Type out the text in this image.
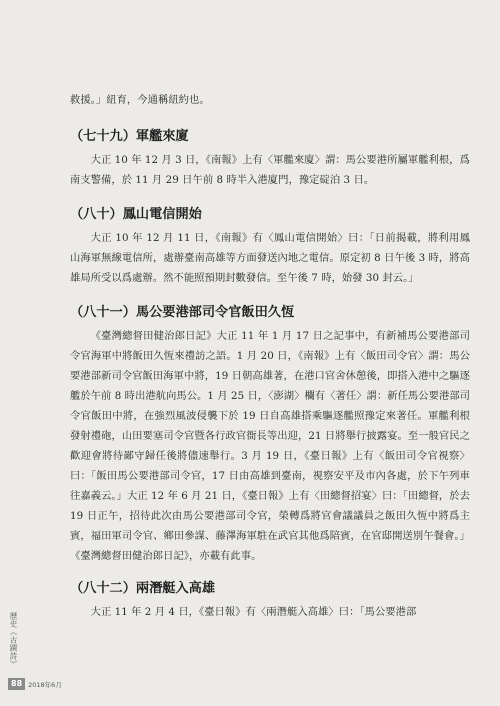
救援。」紐育，今通稱紐約也。

（七十九）軍艦來廈

大正 10 年 12 月 3 日，《南報》上有〈軍艦來廈〉謂：馬公要港所屬軍艦利根，爲南支警備，於 11 月 29 日午前 8 時半入港廈門，豫定碇泊 3 日。

（八十）鳳山電信開始

大正 10 年 12 月 11 日，《南報》有〈鳳山電信開始〉曰：「日前揭載，將利用鳳山海軍無線電信所，處辦臺南高雄等方面發送內地之電信。原定初 8 日午後 3 時，將高雄局所受以爲處辦。然不能照預期封數發信。至午後 7 時，始發 30 封云。」

（八十一）馬公要港部司令官飯田久恆

《臺灣總督田健治郎日記》大正 11 年 1 月 17 日之記事中，有新補馬公要港部司令官海軍中將飯田久恆來禮訪之語。1 月 20 日，《南報》上有〈飯田司令官〉謂：馬公要港部新司令官飯田海軍中將，19 日朝高雄著，在港口官舍休憩後，即搭入港中之驅逐艦於午前 8 時出港航向馬公。1 月 25 日，〈澎湖〉欄有〈著任〉謂：新任馬公要港部司令官飯田中將，在強烈風波侵襲下於 19 日自高雄搭乘驅逐艦照豫定來著任。軍艦利根發射禮砲，山田要塞司令官暨各行政官衙長等出迎，21 日將舉行披露宴。至一般官民之歡迎會將待鄙守歸任後將儘速舉行。3 月 19 日，《臺日報》上有〈飯田司令官視察〉曰：「飯田馬公要港部司令官，17 日由高雄到臺南，視察安平及市內各處，於下午列車往嘉義云。」大正 12 年 6 月 21 日，《臺日報》上有〈田總督招宴〉曰：「田總督，於去 19 日正午，招待此次由馬公要港部司令官，榮轉爲將官會議議員之飯田久恆中將爲主賓，福田軍司令官、鄉田參謀、藤澤海軍駐在武官其他爲陪賓，在官邸開送別午餐會。」《臺灣總督田健治郎日記》，亦載有此事。

（八十二）兩潛艇入高雄

大正 11 年 2 月 4 日，《臺日報》有〈兩潛艇入高雄〉曰：「馬公要港部

歷史《古蹟詩》
88 2018年6月
